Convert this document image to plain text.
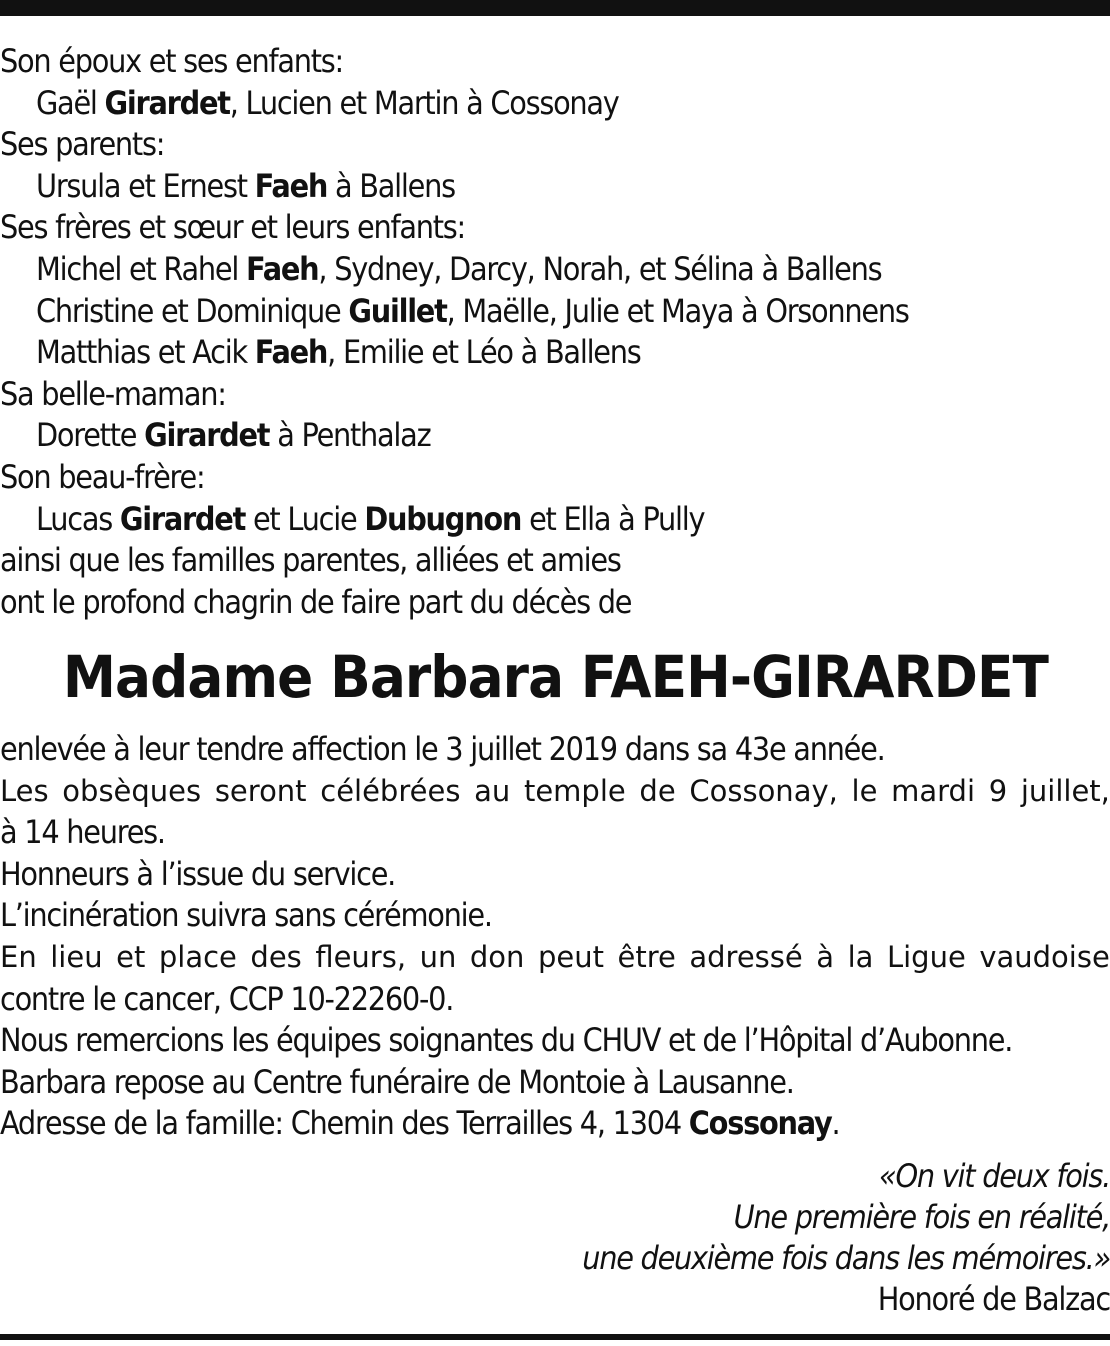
Son époux et ses enfants:
Gaël Girardet, Lucien et Martin à Cossonay
Ses parents:
Ursula et Ernest Faeh à Ballens
Ses frères et sœur et leurs enfants:
Michel et Rahel Faeh, Sydney, Darcy, Norah, et Sélina à Ballens
Christine et Dominique Guillet, Maëlle, Julie et Maya à Orsonnens
Matthias et Acik Faeh, Emilie et Léo à Ballens
Sa belle-maman:
Dorette Girardet à Penthalaz
Son beau-frère:
Lucas Girardet et Lucie Dubugnon et Ella à Pully
ainsi que les familles parentes, alliées et amies
ont le profond chagrin de faire part du décès de
Madame Barbara FAEH-GIRARDET
enlevée à leur tendre affection le 3 juillet 2019 dans sa 43e année.
Les obsèques seront célébrées au temple de Cossonay, le mardi 9 juillet,
à 14 heures.
Honneurs à l’issue du service.
L’incinération suivra sans cérémonie.
En lieu et place des fleurs, un don peut être adressé à la Ligue vaudoise
contre le cancer, CCP 10-22260-0.
Nous remercions les équipes soignantes du CHUV et de l’Hôpital d’Aubonne.
Barbara repose au Centre funéraire de Montoie à Lausanne.
Adresse de la famille: Chemin des Terrailles 4, 1304 Cossonay.
«On vit deux fois.
Une première fois en réalité,
une deuxième fois dans les mémoires.»
Honoré de Balzac
